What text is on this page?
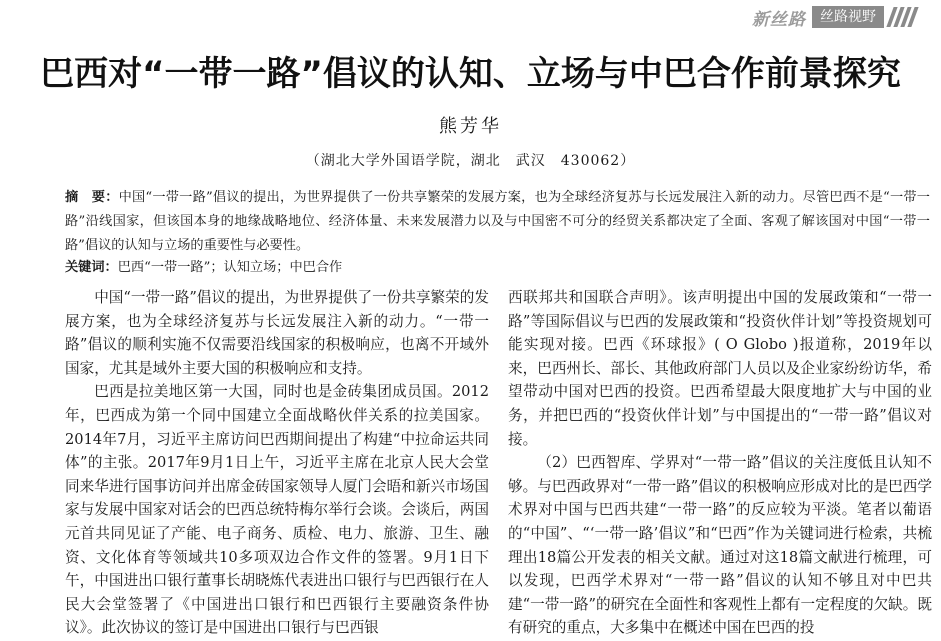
新丝路	丝路视野
巴西对“一带一路”倡议的认知、立场与中巴合作前景探究
熊芳华
（湖北大学外国语学院，湖北　武汉　430062）
摘　要：中国“一带一路”倡议的提出，为世界提供了一份共享繁荣的发展方案，也为全球经济复苏与长远发展注入新的动力。尽管巴西不是“一带一路”沿线国家，但该国本身的地缘战略地位、经济体量、未来发展潜力以及与中国密不可分的经贸关系都决定了全面、客观了解该国对中国“一带一路”倡议的认知与立场的重要性与必要性。
关键词：巴西“一带一路”；认知立场；中巴合作

中国“一带一路”倡议的提出，为世界提供了一份共享繁荣的发展方案，也为全球经济复苏与长远发展注入新的动力。“一带一路”倡议的顺利实施不仅需要沿线国家的积极响应，也离不开域外国家，尤其是域外主要大国的积极响应和支持。

巴西是拉美地区第一大国，同时也是金砖集团成员国。2012年，巴西成为第一个同中国建立全面战略伙伴关系的拉美国家。2014年7月，习近平主席访问巴西期间提出了构建“中拉命运共同体”的主张。2017年9月1日上午，习近平主席在北京人民大会堂同来华进行国事访问并出席金砖国家领导人厦门会晤和新兴市场国家与发展中国家对话会的巴西总统特梅尔举行会谈。会谈后，两国元首共同见证了产能、电子商务、质检、电力、旅游、卫生、融资、文化体育等领域共10多项双边合作文件的签署。9月1日下午，中国进出口银行董事长胡晓炼代表进出口银行与巴西银行在人民大会堂签署了《中国进出口银行和巴西银行主要融资条件协议》。此次协议的签订是中国进出口银行与巴西银

西联邦共和国联合声明》。该声明提出中国的发展政策和“一带一路”等国际倡议与巴西的发展政策和“投资伙伴计划”等投资规划可能实现对接。巴西《环球报》( O Globo )报道称，2019年以来，巴西州长、部长、其他政府部门人员以及企业家纷纷访华，希望带动中国对巴西的投资。巴西希望最大限度地扩大与中国的业务，并把巴西的“投资伙伴计划”与中国提出的“一带一路”倡议对接。

（2）巴西智库、学界对“一带一路”倡议的关注度低且认知不够。与巴西政界对“一带一路”倡议的积极响应形成对比的是巴西学术界对中国与巴西共建“一带一路”的反应较为平淡。笔者以葡语的“中国”、“‘一带一路’倡议”和“巴西”作为关键词进行检索，共梳理出18篇公开发表的相关文献。通过对这18篇文献进行梳理，可以发现，巴西学术界对“一带一路”倡议的认知不够且对中巴共建“一带一路”的研究在全面性和客观性上都有一定程度的欠缺。既有研究的重点，大多集中在概述中国在巴西的投
